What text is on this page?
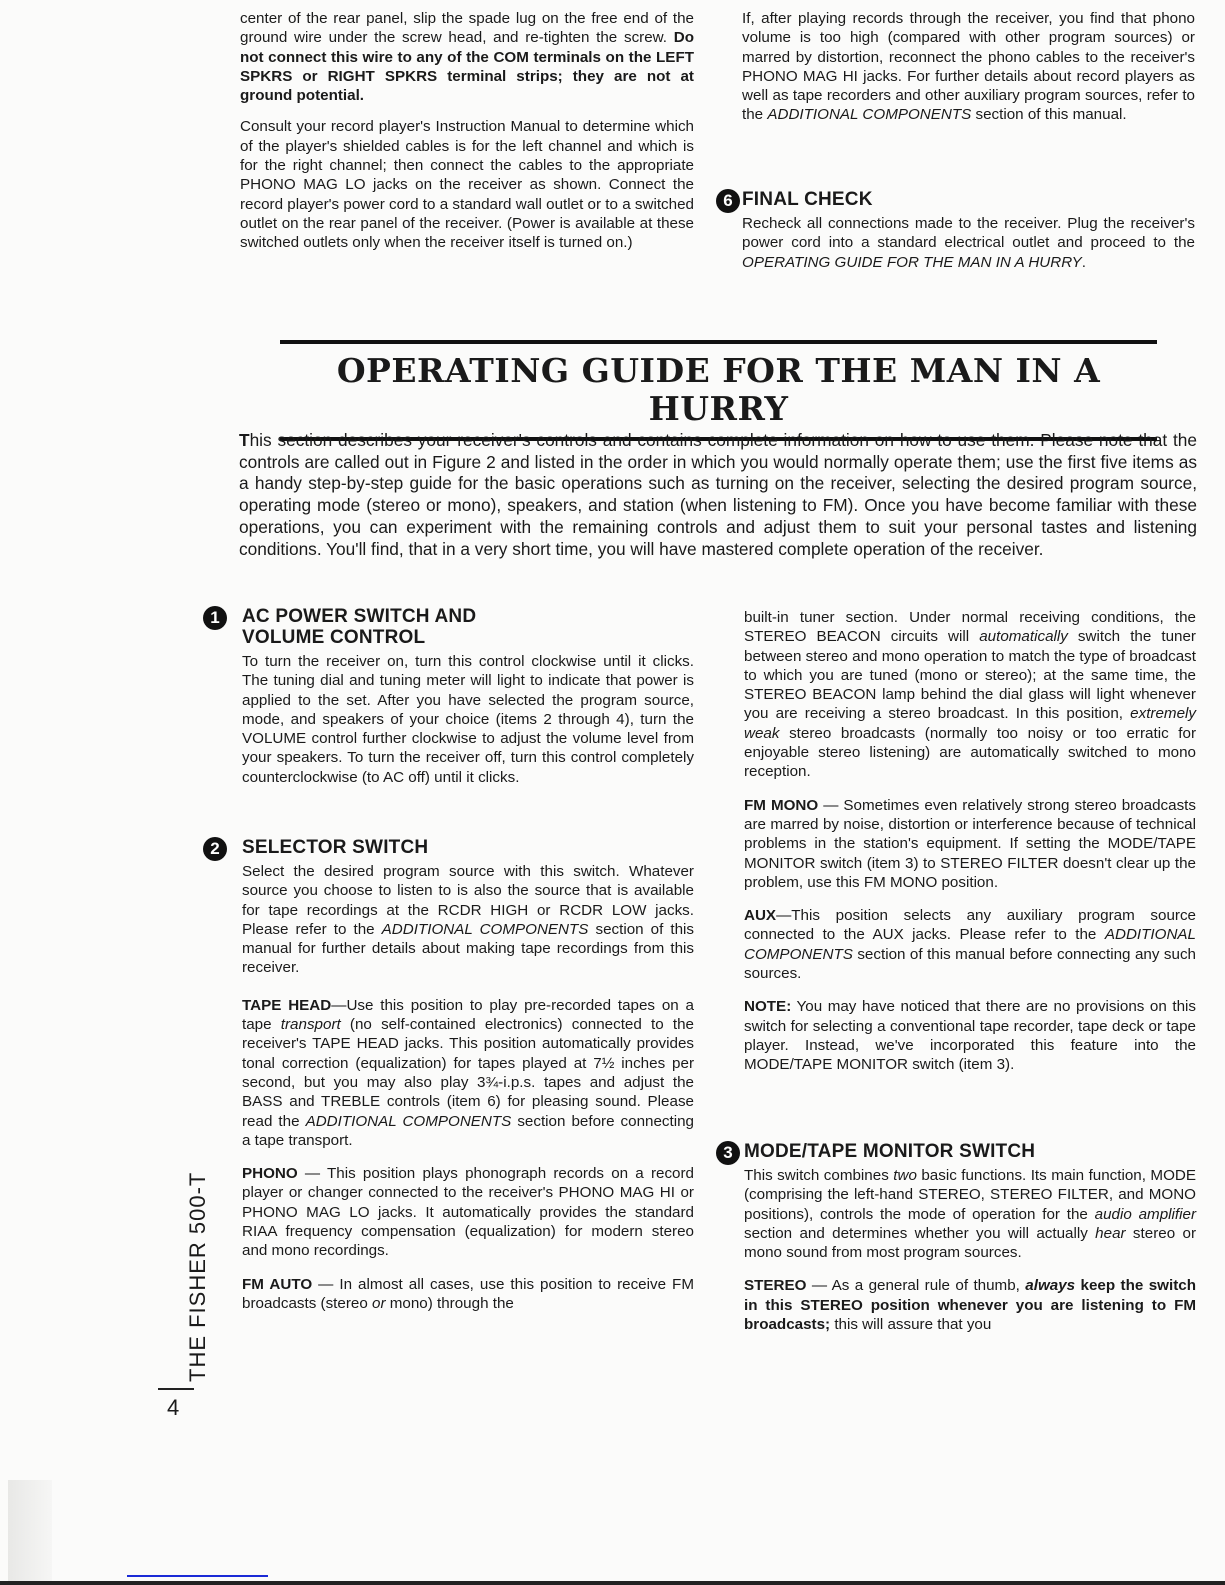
center of the rear panel, slip the spade lug on the free end of the ground wire under the screw head, and re-tighten the screw. Do not connect this wire to any of the COM terminals on the LEFT SPKRS or RIGHT SPKRS terminal strips; they are not at ground potential.

Consult your record player's Instruction Manual to determine which of the player's shielded cables is for the left channel and which is for the right channel; then connect the cables to the appropriate PHONO MAG LO jacks on the receiver as shown. Connect the record player's power cord to a standard wall outlet or to a switched outlet on the rear panel of the receiver. (Power is available at these switched outlets only when the receiver itself is turned on.)

If, after playing records through the receiver, you find that phono volume is too high (compared with other program sources) or marred by distortion, reconnect the phono cables to the receiver's PHONO MAG HI jacks. For further details about record players as well as tape recorders and other auxiliary program sources, refer to the ADDITIONAL COMPONENTS section of this manual.

6 FINAL CHECK

Recheck all connections made to the receiver. Plug the receiver's power cord into a standard electrical outlet and proceed to the OPERATING GUIDE FOR THE MAN IN A HURRY.

OPERATING GUIDE FOR THE MAN IN A HURRY
This section describes your receiver's controls and contains complete information on how to use them. Please note that the controls are called out in Figure 2 and listed in the order in which you would normally operate them; use the first five items as a handy step-by-step guide for the basic operations such as turning on the receiver, selecting the desired program source, operating mode (stereo or mono), speakers, and station (when listening to FM). Once you have become familiar with these operations, you can experiment with the remaining controls and adjust them to suit your personal tastes and listening conditions. You'll find, that in a very short time, you will have mastered complete operation of the receiver.
1	AC POWER SWITCH AND
VOLUME CONTROL

To turn the receiver on, turn this control clockwise until it clicks. The tuning dial and tuning meter will light to indicate that power is applied to the set. After you have selected the program source, mode, and speakers of your choice (items 2 through 4), turn the VOLUME control further clockwise to adjust the volume level from your speakers. To turn the receiver off, turn this control completely counterclockwise (to AC off) until it clicks.

2	SELECTOR SWITCH

Select the desired program source with this switch. Whatever source you choose to listen to is also the source that is available for tape recordings at the RCDR HIGH or RCDR LOW jacks. Please refer to the ADDITIONAL COMPONENTS section of this manual for further details about making tape recordings from this receiver.

TAPE HEAD—Use this position to play pre-recorded tapes on a tape transport (no self-contained electronics) connected to the receiver's TAPE HEAD jacks. This position automatically provides tonal correction (equalization) for tapes played at 7½ inches per second, but you may also play 3¾-i.p.s. tapes and adjust the BASS and TREBLE controls (item 6) for pleasing sound. Please read the ADDITIONAL COMPONENTS section before connecting a tape transport.

PHONO — This position plays phonograph records on a record player or changer connected to the receiver's PHONO MAG HI or PHONO MAG LO jacks. It automatically provides the standard RIAA frequency compensation (equalization) for modern stereo and mono recordings.

FM AUTO — In almost all cases, use this position to receive FM broadcasts (stereo or mono) through the

built-in tuner section. Under normal receiving conditions, the STEREO BEACON circuits will automatically switch the tuner between stereo and mono operation to match the type of broadcast to which you are tuned (mono or stereo); at the same time, the STEREO BEACON lamp behind the dial glass will light whenever you are receiving a stereo broadcast. In this position, extremely weak stereo broadcasts (normally too noisy or too erratic for enjoyable stereo listening) are automatically switched to mono reception.

FM MONO — Sometimes even relatively strong stereo broadcasts are marred by noise, distortion or interference because of technical problems in the station's equipment. If setting the MODE/TAPE MONITOR switch (item 3) to STEREO FILTER doesn't clear up the problem, use this FM MONO position.

AUX—This position selects any auxiliary program source connected to the AUX jacks. Please refer to the ADDITIONAL COMPONENTS section of this manual before connecting any such sources.

NOTE: You may have noticed that there are no provisions on this switch for selecting a conventional tape recorder, tape deck or tape player. Instead, we've incorporated this feature into the MODE/TAPE MONITOR switch (item 3).

3 MODE/TAPE MONITOR SWITCH

This switch combines two basic functions. Its main function, MODE (comprising the left-hand STEREO, STEREO FILTER, and MONO positions), controls the mode of operation for the audio amplifier section and determines whether you will actually hear stereo or mono sound from most program sources.

STEREO — As a general rule of thumb, always keep the switch in this STEREO position whenever you are listening to FM broadcasts; this will assure that you

THE FISHER 500-T
4
